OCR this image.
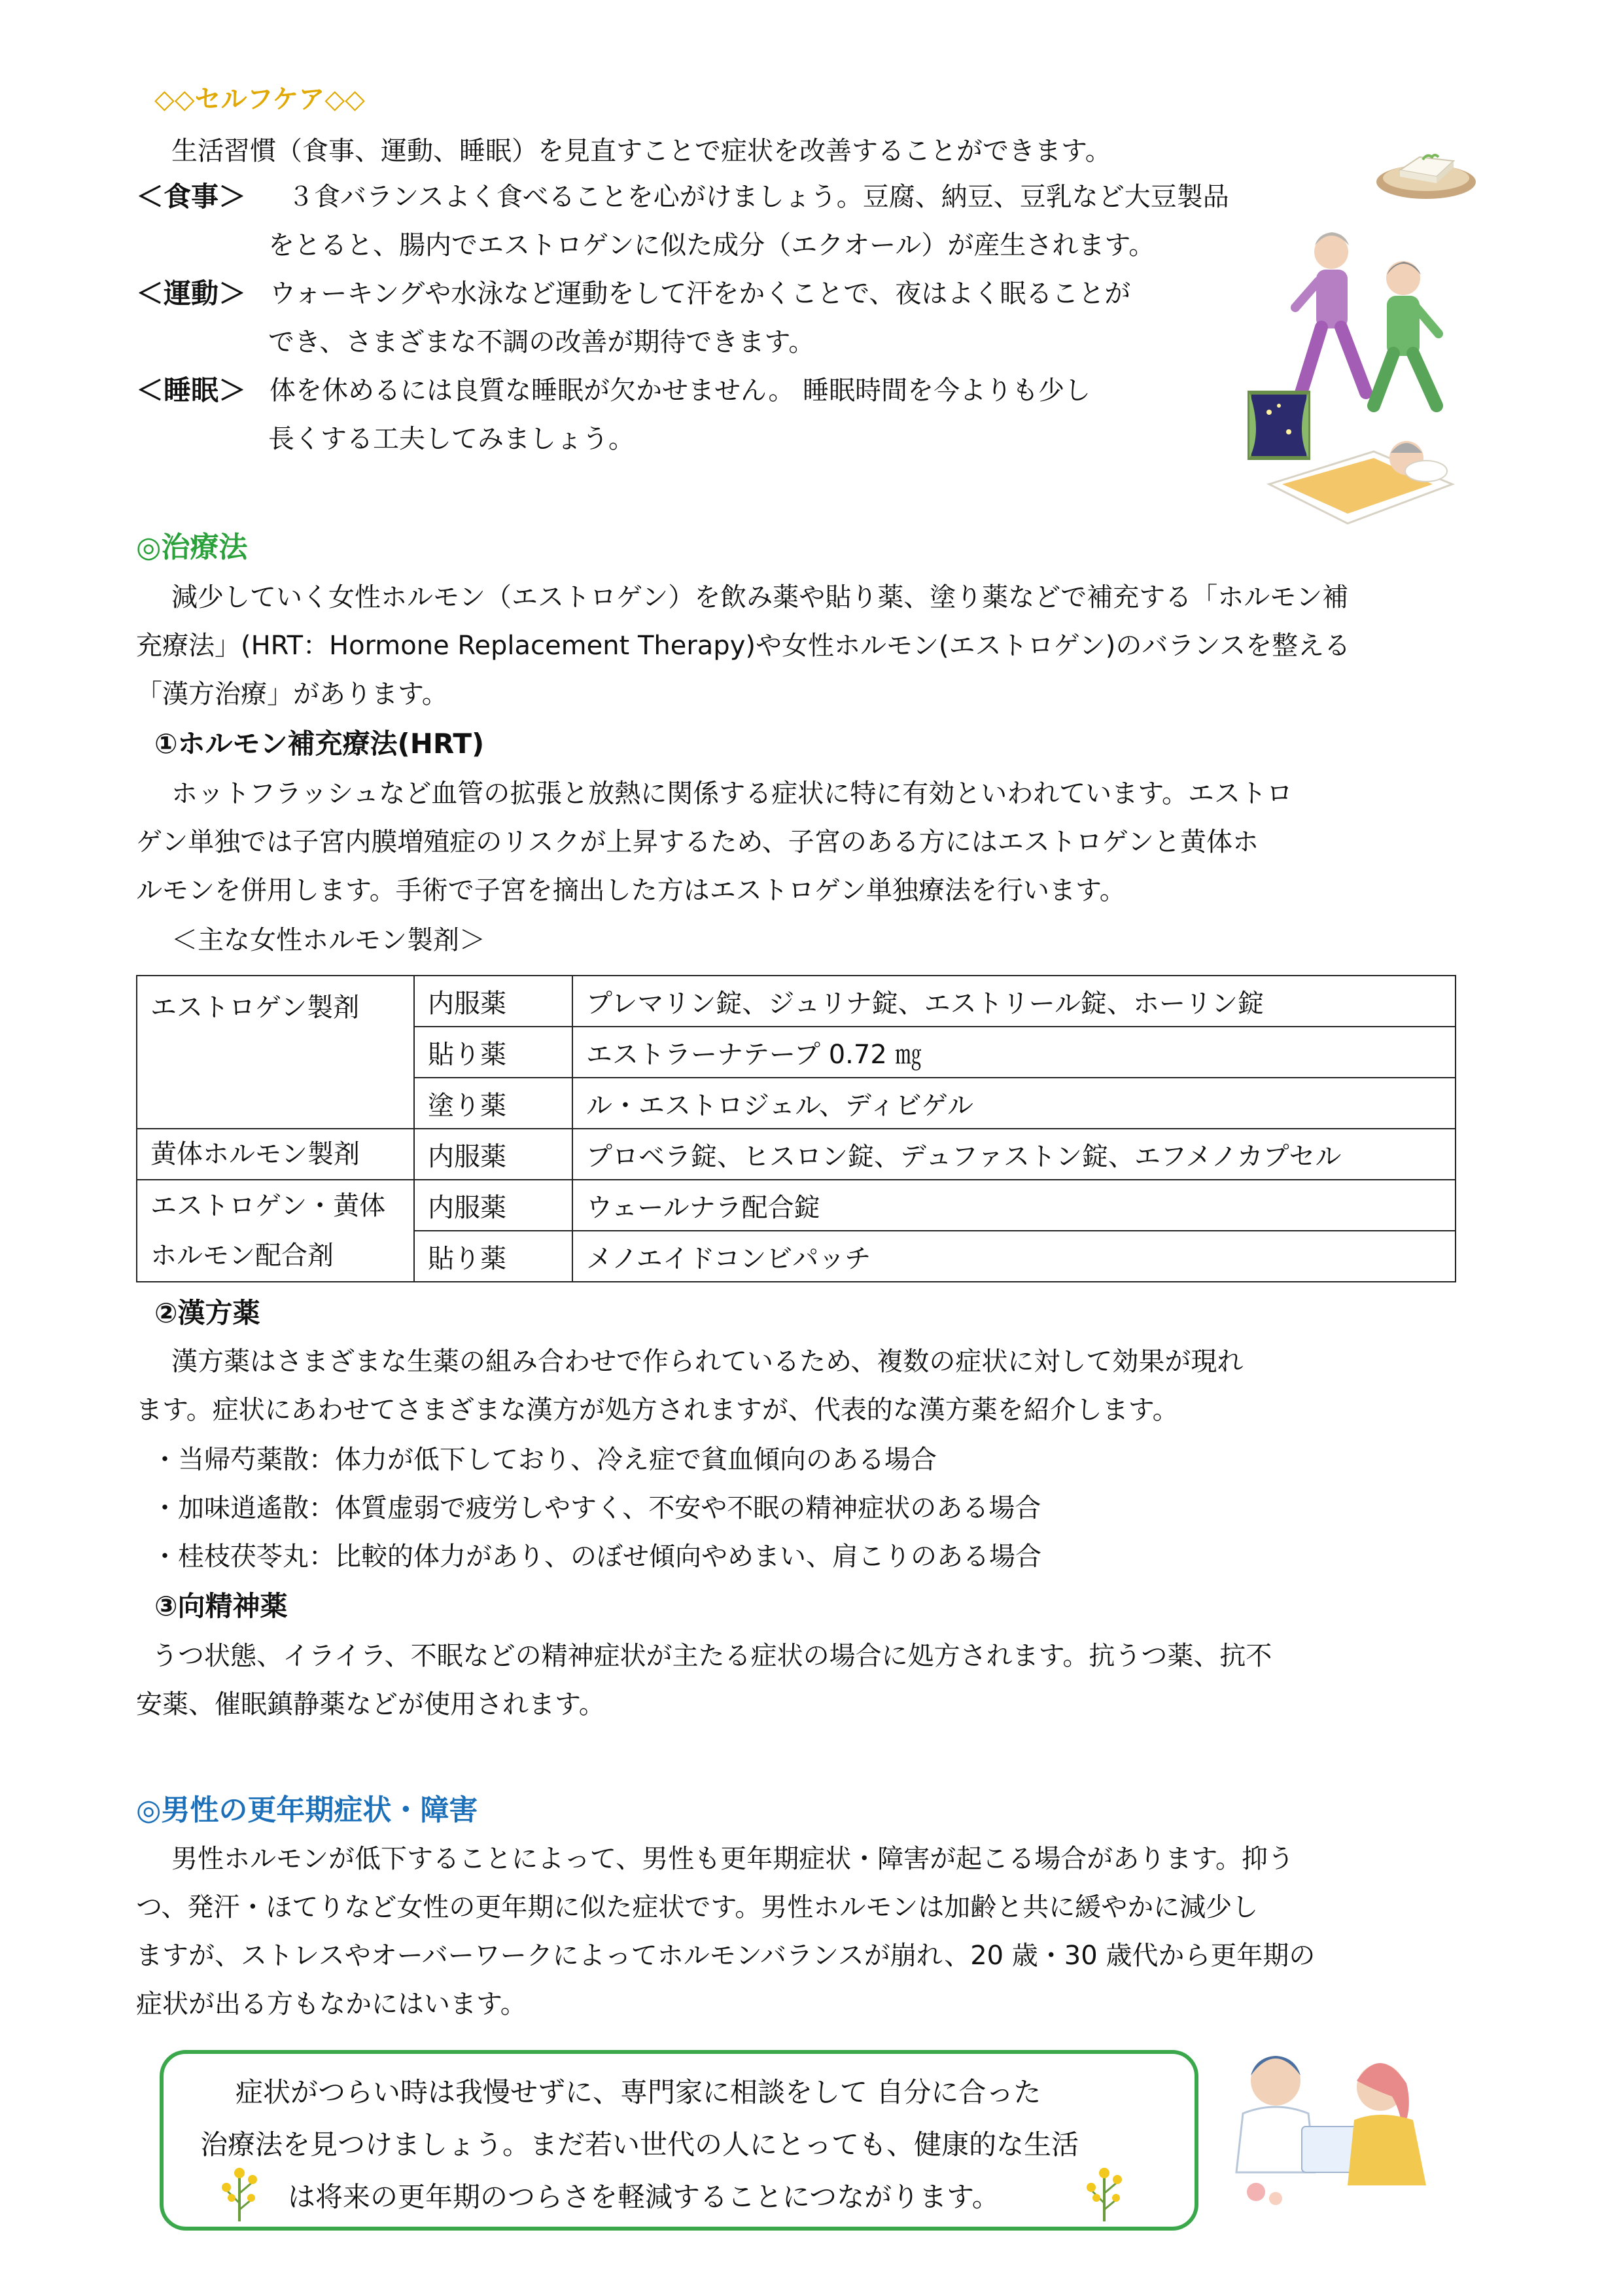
◇◇セルフケア◇◇
生活習慣（食事、運動、睡眠）を見直すことで症状を改善することができます。
＜食事＞ ３食バランスよく食べることを心がけましょう。豆腐、納豆、豆乳など大豆製品
をとると、腸内でエストロゲンに似た成分（エクオール）が産生されます。
＜運動＞ ウォーキングや水泳など運動をして汗をかくことで、夜はよく眠ることが
でき、さまざまな不調の改善が期待できます。
＜睡眠＞ 体を休めるには良質な睡眠が欠かせません。 睡眠時間を今よりも少し
長くする工夫してみましょう。
◎治療法
減少していく女性ホルモン（エストロゲン）を飲み薬や貼り薬、塗り薬などで補充する「ホルモン補
充療法」(HRT：Hormone Replacement Therapy)や女性ホルモン(エストロゲン)のバランスを整える
「漢方治療」があります。
①ホルモン補充療法(HRT)
ホットフラッシュなど血管の拡張と放熱に関係する症状に特に有効といわれています。エストロ
ゲン単独では子宮内膜増殖症のリスクが上昇するため、子宮のある方にはエストロゲンと黄体ホ
ルモンを併用します。手術で子宮を摘出した方はエストロゲン単独療法を行います。
＜主な女性ホルモン製剤＞
エストロゲン製剤	内服薬	プレマリン錠、ジュリナ錠、エストリール錠、ホーリン錠
	貼り薬	エストラーナテープ 0.72 ㎎
	塗り薬	ル・エストロジェル、ディビゲル
黄体ホルモン製剤	内服薬	プロベラ錠、ヒスロン錠、デュファストン錠、エフメノカプセル

エストロゲン・黄体
ホルモン配合剤	内服薬	ウェールナラ配合錠
	貼り薬	メノエイドコンビパッチ
②漢方薬
漢方薬はさまざまな生薬の組み合わせで作られているため、複数の症状に対して効果が現れ
ます。症状にあわせてさまざまな漢方が処方されますが、代表的な漢方薬を紹介します。
・当帰芍薬散：体力が低下しており、冷え症で貧血傾向のある場合
・加味逍遙散：体質虚弱で疲労しやすく、不安や不眠の精神症状のある場合
・桂枝茯苓丸：比較的体力があり、のぼせ傾向やめまい、肩こりのある場合
③向精神薬
うつ状態、イライラ、不眠などの精神症状が主たる症状の場合に処方されます。抗うつ薬、抗不
安薬、催眠鎮静薬などが使用されます。
◎男性の更年期症状・障害
男性ホルモンが低下することによって、男性も更年期症状・障害が起こる場合があります。抑う
つ、発汗・ほてりなど女性の更年期に似た症状です。男性ホルモンは加齢と共に緩やかに減少し
ますが、ストレスやオーバーワークによってホルモンバランスが崩れ、20 歳・30 歳代から更年期の
症状が出る方もなかにはいます。
症状がつらい時は我慢せずに、専門家に相談をして 自分に合った
治療法を見つけましょう。まだ若い世代の人にとっても、健康的な生活
は将来の更年期のつらさを軽減することにつながります。
